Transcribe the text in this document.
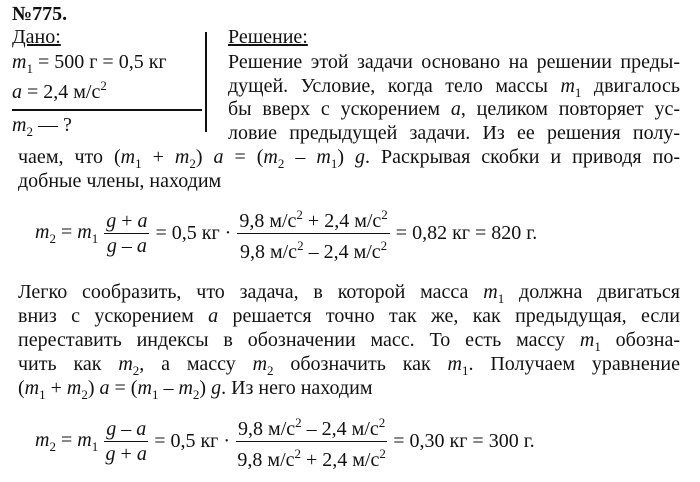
№775.
Дано:
$m_1 = 500$ г = 0,5 кг
a = 2,4 $м/с^2$
$m_2$ — ?
Решение:
Решение этой задачи основано на решении преды-
дущей. Условие, когда тело массы $m_1$ двигалось
бы вверх с ускорением a, целиком повторяет ус-
ловие предыдущей задачи. Из ее решения полу-
чаем, что $(m_1 + m_2) a = (m_2 - m_1)$ g. Раскрывая скобки и приводя по-
добные члены, находим
$m_2 = m_1 \frac{g + a}{g - a} = 0,5$ кг · $\frac{9,8 м/с^2 + 2,4 м/с^2}{9,8 м/с^2 - 2,4 м/с^2} = 0,82$ кг = 820 г.
Легко сообразить, что задача, в которой масса $m_1$ должна двигаться
вниз с ускорением a решается точно так же, как предыдущая, если
переставить индексы в обозначении масс. То есть массу $m_1$ обозна-
чить как $m_2$, а массу $m_2$ обозначить как $m_1$. Получаем уравнение
$(m_1 + m_2) a = (m_1 - m_2)$ g. Из него находим
$m_2 = m_1 \frac{g - a}{g + a} = 0,5$ кг · $\frac{9,8 м/с^2 - 2,4 м/с^2}{9,8 м/с^2 + 2,4 м/с^2} = 0,30$ кг = 300 г.
